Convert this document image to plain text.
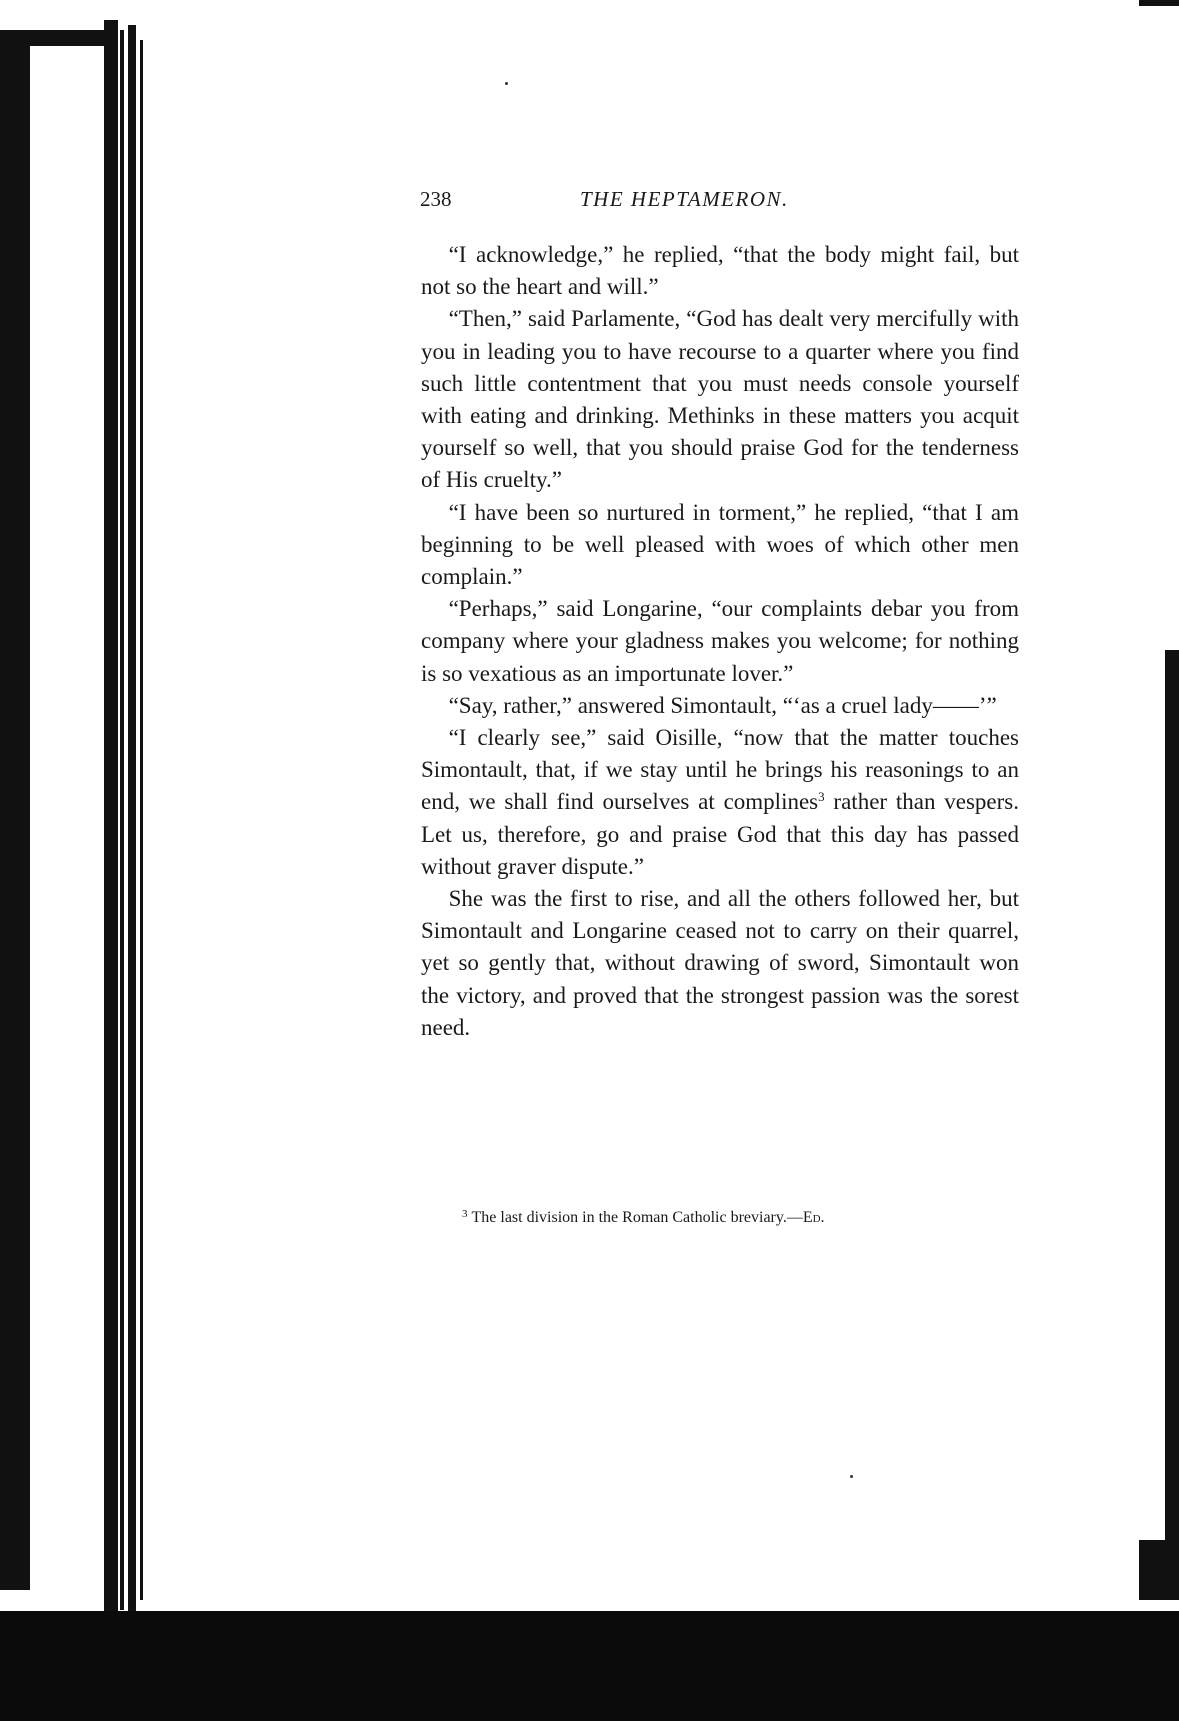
238	THE HEPTAMERON.

“I acknowledge,” he replied, “that the body might fail, but not so the heart and will.”

“Then,” said Parlamente, “God has dealt very mercifully with you in leading you to have recourse to a quarter where you find such little contentment that you must needs console yourself with eating and drinking. Methinks in these matters you acquit yourself so well, that you should praise God for the tenderness of His cruelty.”

“I have been so nurtured in torment,” he replied, “that I am beginning to be well pleased with woes of which other men complain.”

“Perhaps,” said Longarine, “our complaints debar you from company where your gladness makes you welcome; for nothing is so vexatious as an importunate lover.”

“Say, rather,” answered Simontault, “‘as a cruel lady——’”

“I clearly see,” said Oisille, “now that the matter touches Simontault, that, if we stay until he brings his reasonings to an end, we shall find ourselves at complines$^3$ rather than vespers. Let us, therefore, go and praise God that this day has passed without graver dispute.”

She was the first to rise, and all the others followed her, but Simontault and Longarine ceased not to carry on their quarrel, yet so gently that, without drawing of sword, Simontault won the victory, and proved that the strongest passion was the sorest need.

$^3$ The last division in the Roman Catholic breviary.—Ed.
